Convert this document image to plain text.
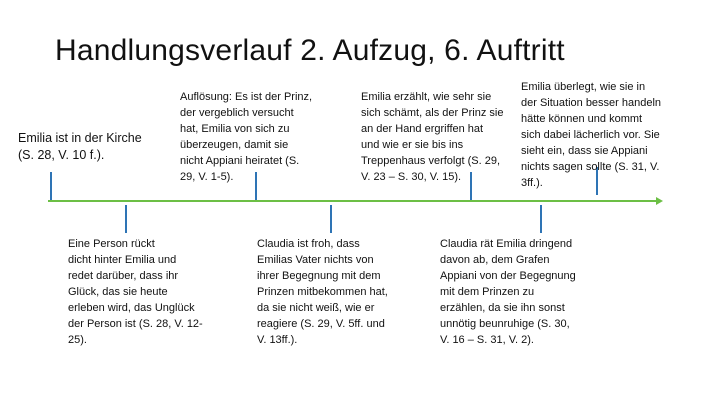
Handlungsverlauf 2. Aufzug, 6. Auftritt
Emilia ist in der Kirche
(S. 28, V. 10 f.).
Auflösung: Es ist der Prinz,
der vergeblich versucht
hat, Emilia von sich zu
überzeugen, damit sie
nicht Appiani heiratet (S.
29, V. 1-5).
Emilia erzählt, wie sehr sie
sich schämt, als der Prinz sie
an der Hand ergriffen hat
und wie er sie bis ins
Treppenhaus verfolgt (S. 29,
V. 23 – S. 30, V. 15).
Emilia überlegt, wie sie in
der Situation besser handeln
hätte können und kommt
sich dabei lächerlich vor. Sie
sieht ein, dass sie Appiani
nichts sagen sollte (S. 31, V.
3ff.).
Eine Person rückt
dicht hinter Emilia und
redet darüber, dass ihr
Glück, das sie heute
erleben wird, das Unglück
der Person ist (S. 28, V. 12-
25).
Claudia ist froh, dass
Emilias Vater nichts von
ihrer Begegnung mit dem
Prinzen mitbekommen hat,
da sie nicht weiß, wie er
reagiere (S. 29, V. 5ff. und
V. 13ff.).
Claudia rät Emilia dringend
davon ab, dem Grafen
Appiani von der Begegnung
mit dem Prinzen zu
erzählen, da sie ihn sonst
unnötig beunruhige (S. 30,
V. 16 – S. 31, V. 2).
